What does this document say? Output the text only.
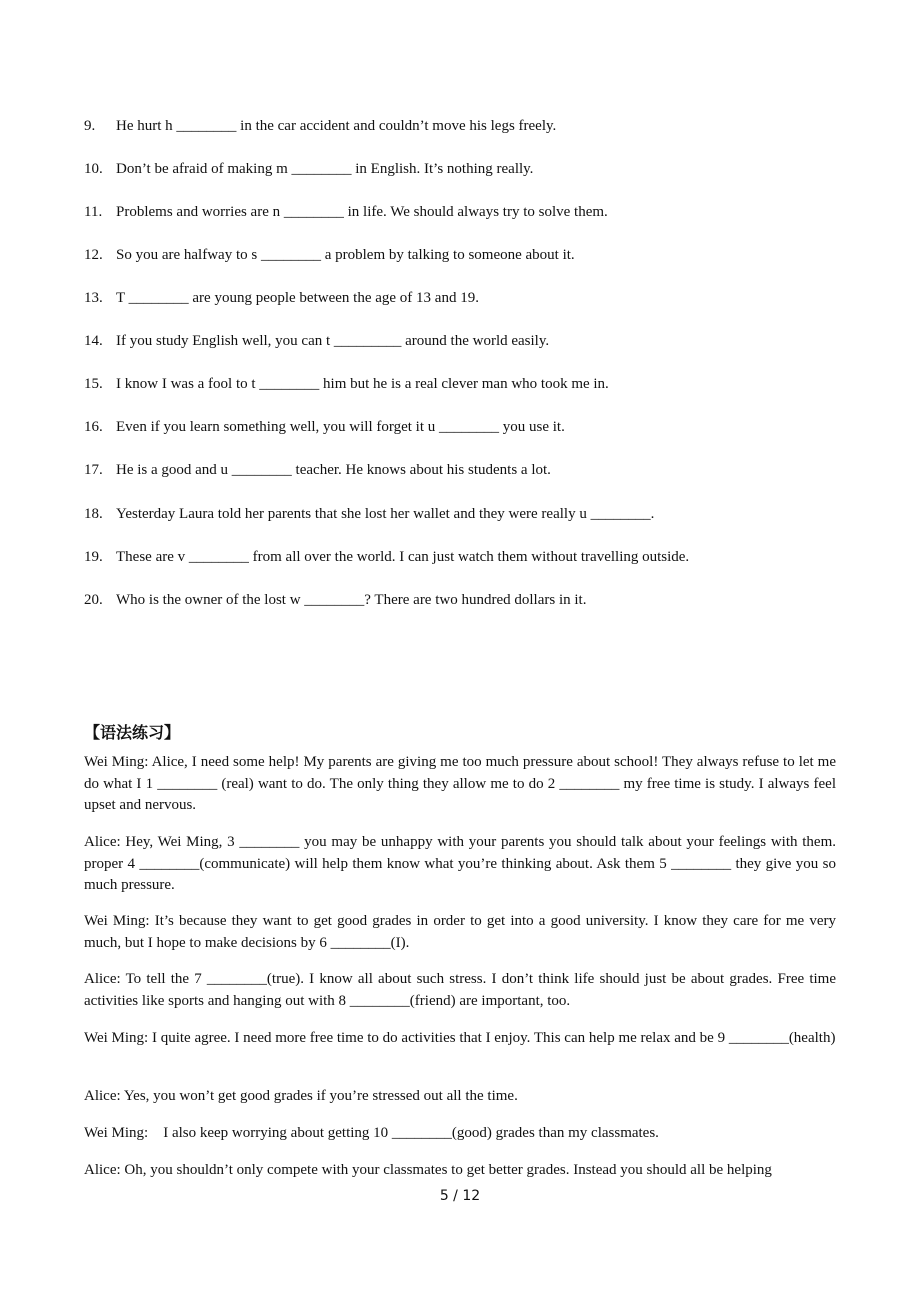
9. He hurt h ________ in the car accident and couldn’t move his legs freely.
10. Don’t be afraid of making m ________ in English. It’s nothing really.
11. Problems and worries are n ________ in life. We should always try to solve them.
12. So you are halfway to s ________ a problem by talking to someone about it.
13. T ________ are young people between the age of 13 and 19.
14. If you study English well, you can t _________ around the world easily.
15. I know I was a fool to t ________ him but he is a real clever man who took me in.
16. Even if you learn something well, you will forget it u ________ you use it.
17. He is a good and u ________ teacher. He knows about his students a lot.
18. Yesterday Laura told her parents that she lost her wallet and they were really u ________.
19. These are v ________ from all over the world. I can just watch them without travelling outside.
20. Who is the owner of the lost w ________? There are two hundred dollars in it.
【语法练习】
Wei Ming: Alice, I need some help! My parents are giving me too much pressure about school! They always refuse to let me do what I 1 ________ (real) want to do. The only thing they allow me to do 2 ________ my free time is study. I always feel upset and nervous.
Alice: Hey, Wei Ming, 3 ________ you may be unhappy with your parents you should talk about your feelings with them. proper 4 ________(communicate) will help them know what you’re thinking about. Ask them 5 ________ they give you so much pressure.
Wei Ming: It’s because they want to get good grades in order to get into a good university. I know they care for me very much, but I hope to make decisions by 6 ________(I).
Alice: To tell the 7 ________(true). I know all about such stress. I don’t think life should just be about grades. Free time activities like sports and hanging out with 8 ________(friend) are important, too.
Wei Ming: I quite agree. I need more free time to do activities that I enjoy. This can help me relax and be 9 ________(health)
Alice: Yes, you won’t get good grades if you’re stressed out all the time.
Wei Ming:    I also keep worrying about getting 10 ________(good) grades than my classmates.
Alice: Oh, you shouldn’t only compete with your classmates to get better grades. Instead you should all be helping
5 / 12
